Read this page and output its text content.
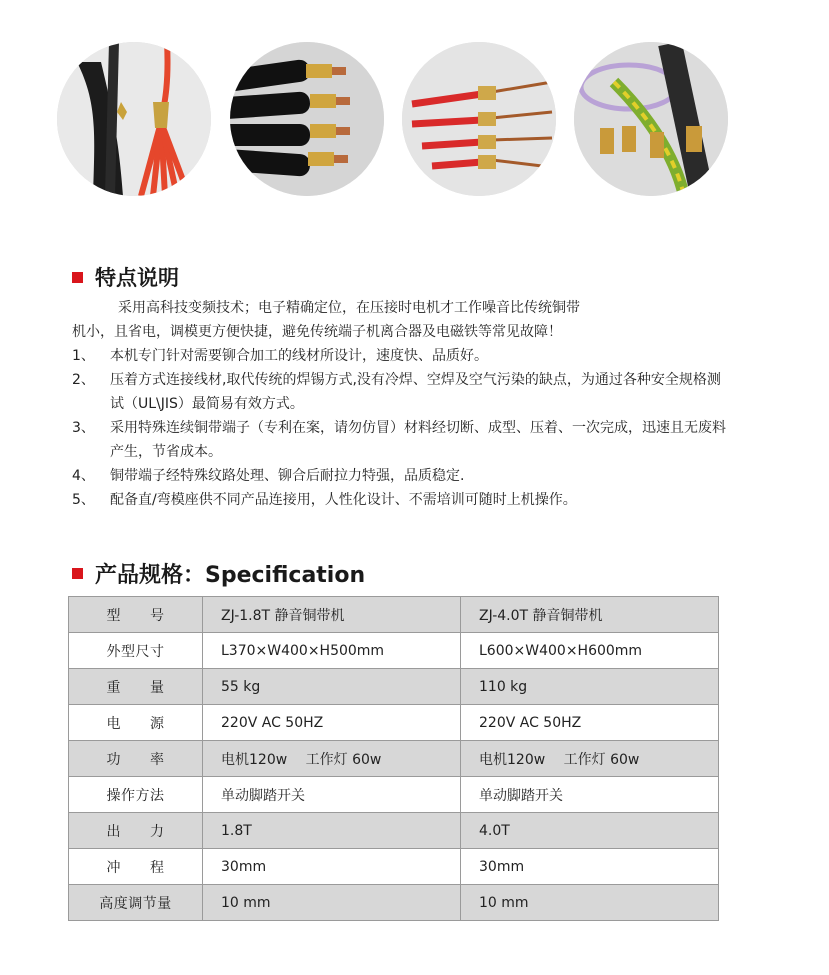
特点说明

采用高科技变频技术；电子精确定位，在压接时电机才工作噪音比传统铜带

机小，且省电，调模更方便快捷，避免传统端子机离合器及电磁铁等常见故障！

1、	本机专门针对需要铆合加工的线材所设计，速度快、品质好。
2、	压着方式连接线材,取代传统的焊锡方式,没有冷焊、空焊及空气污染的缺点，为通过各种安全规格测试（UL\JIS）最简易有效方式。
3、	采用特殊连续铜带端子（专利在案，请勿仿冒）材料经切断、成型、压着、一次完成，迅速且无废料产生，节省成本。
4、	铜带端子经特殊纹路处理、铆合后耐拉力特强，品质稳定.
5、	配备直/弯模座供不同产品连接用，人性化设计、不需培训可随时上机操作。
产品规格：Specification
型　　号	ZJ-1.8T 静音铜带机	ZJ-4.0T 静音铜带机
外型尺寸	L370×W400×H500mm	L600×W400×H600mm
重　　量	55 kg	110 kg
电　　源	220V AC 50HZ	220V AC 50HZ
功　　率	电机120w　 工作灯 60w	电机120w　 工作灯 60w
操作方法	单动脚踏开关	单动脚踏开关
出　　力	1.8T	4.0T
冲　　程	30mm	30mm
高度调节量	10 mm	10 mm
